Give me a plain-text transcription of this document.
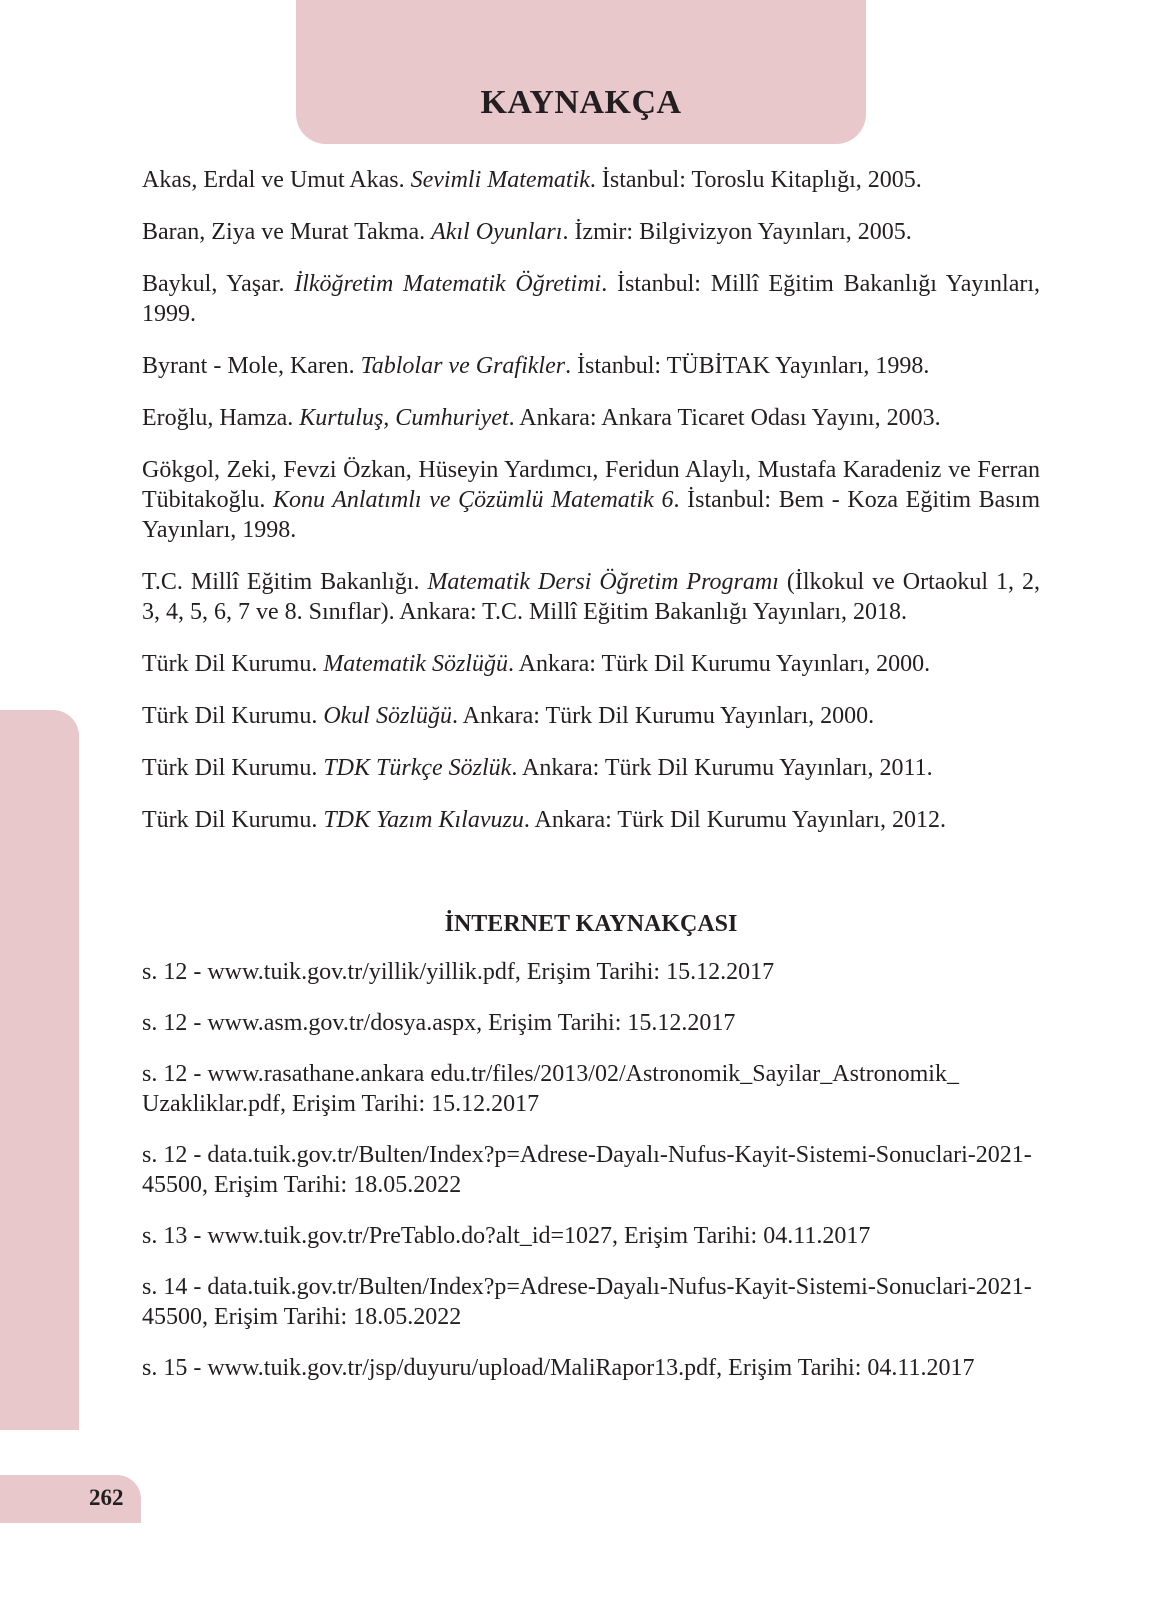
KAYNAKÇA
262

Akas, Erdal ve Umut Akas. Sevimli Matematik. İstanbul: Toroslu Kitaplığı, 2005.

Baran, Ziya ve Murat Takma. Akıl Oyunları. İzmir: Bilgivizyon Yayınları, 2005.

Baykul, Yaşar. İlköğretim Matematik Öğretimi. İstanbul: Millî Eğitim Bakanlığı Yayınları, 1999.

Byrant - Mole, Karen. Tablolar ve Grafikler. İstanbul: TÜBİTAK Yayınları, 1998.

Eroğlu, Hamza. Kurtuluş, Cumhuriyet. Ankara: Ankara Ticaret Odası Yayını, 2003.

Gökgol, Zeki, Fevzi Özkan, Hüseyin Yardımcı, Feridun Alaylı, Mustafa Karadeniz ve Ferran Tübitakoğlu. Konu Anlatımlı ve Çözümlü Matematik 6. İstanbul: Bem - Koza Eğitim Basım Yayınları, 1998.

T.C. Millî Eğitim Bakanlığı. Matematik Dersi Öğretim Programı (İlkokul ve Ortaokul 1, 2, 3, 4, 5, 6, 7 ve 8. Sınıflar). Ankara: T.C. Millî Eğitim Bakanlığı Yayınları, 2018.

Türk Dil Kurumu. Matematik Sözlüğü. Ankara: Türk Dil Kurumu Yayınları, 2000.

Türk Dil Kurumu. Okul Sözlüğü. Ankara: Türk Dil Kurumu Yayınları, 2000.

Türk Dil Kurumu. TDK Türkçe Sözlük. Ankara: Türk Dil Kurumu Yayınları, 2011.

Türk Dil Kurumu. TDK Yazım Kılavuzu. Ankara: Türk Dil Kurumu Yayınları, 2012.

İNTERNET KAYNAKÇASI

s. 12 - www.tuik.gov.tr/yillik/yillik.pdf, Erişim Tarihi: 15.12.2017

s. 12 - www.asm.gov.tr/dosya.aspx, Erişim Tarihi: 15.12.2017

s. 12 - www.rasathane.ankara edu.tr/files/2013/02/Astronomik_Sayilar_Astronomik_ Uzakliklar.pdf, Erişim Tarihi: 15.12.2017

s. 12 - data.tuik.gov.tr/Bulten/Index?p=Adrese-Dayalı-Nufus-Kayit-Sistemi-Sonuclari-2021-45500, Erişim Tarihi: 18.05.2022

s. 13 - www.tuik.gov.tr/PreTablo.do?alt_id=1027, Erişim Tarihi: 04.11.2017

s. 14 - data.tuik.gov.tr/Bulten/Index?p=Adrese-Dayalı-Nufus-Kayit-Sistemi-Sonuclari-2021-45500, Erişim Tarihi: 18.05.2022

s. 15 - www.tuik.gov.tr/jsp/duyuru/upload/MaliRapor13.pdf, Erişim Tarihi: 04.11.2017
